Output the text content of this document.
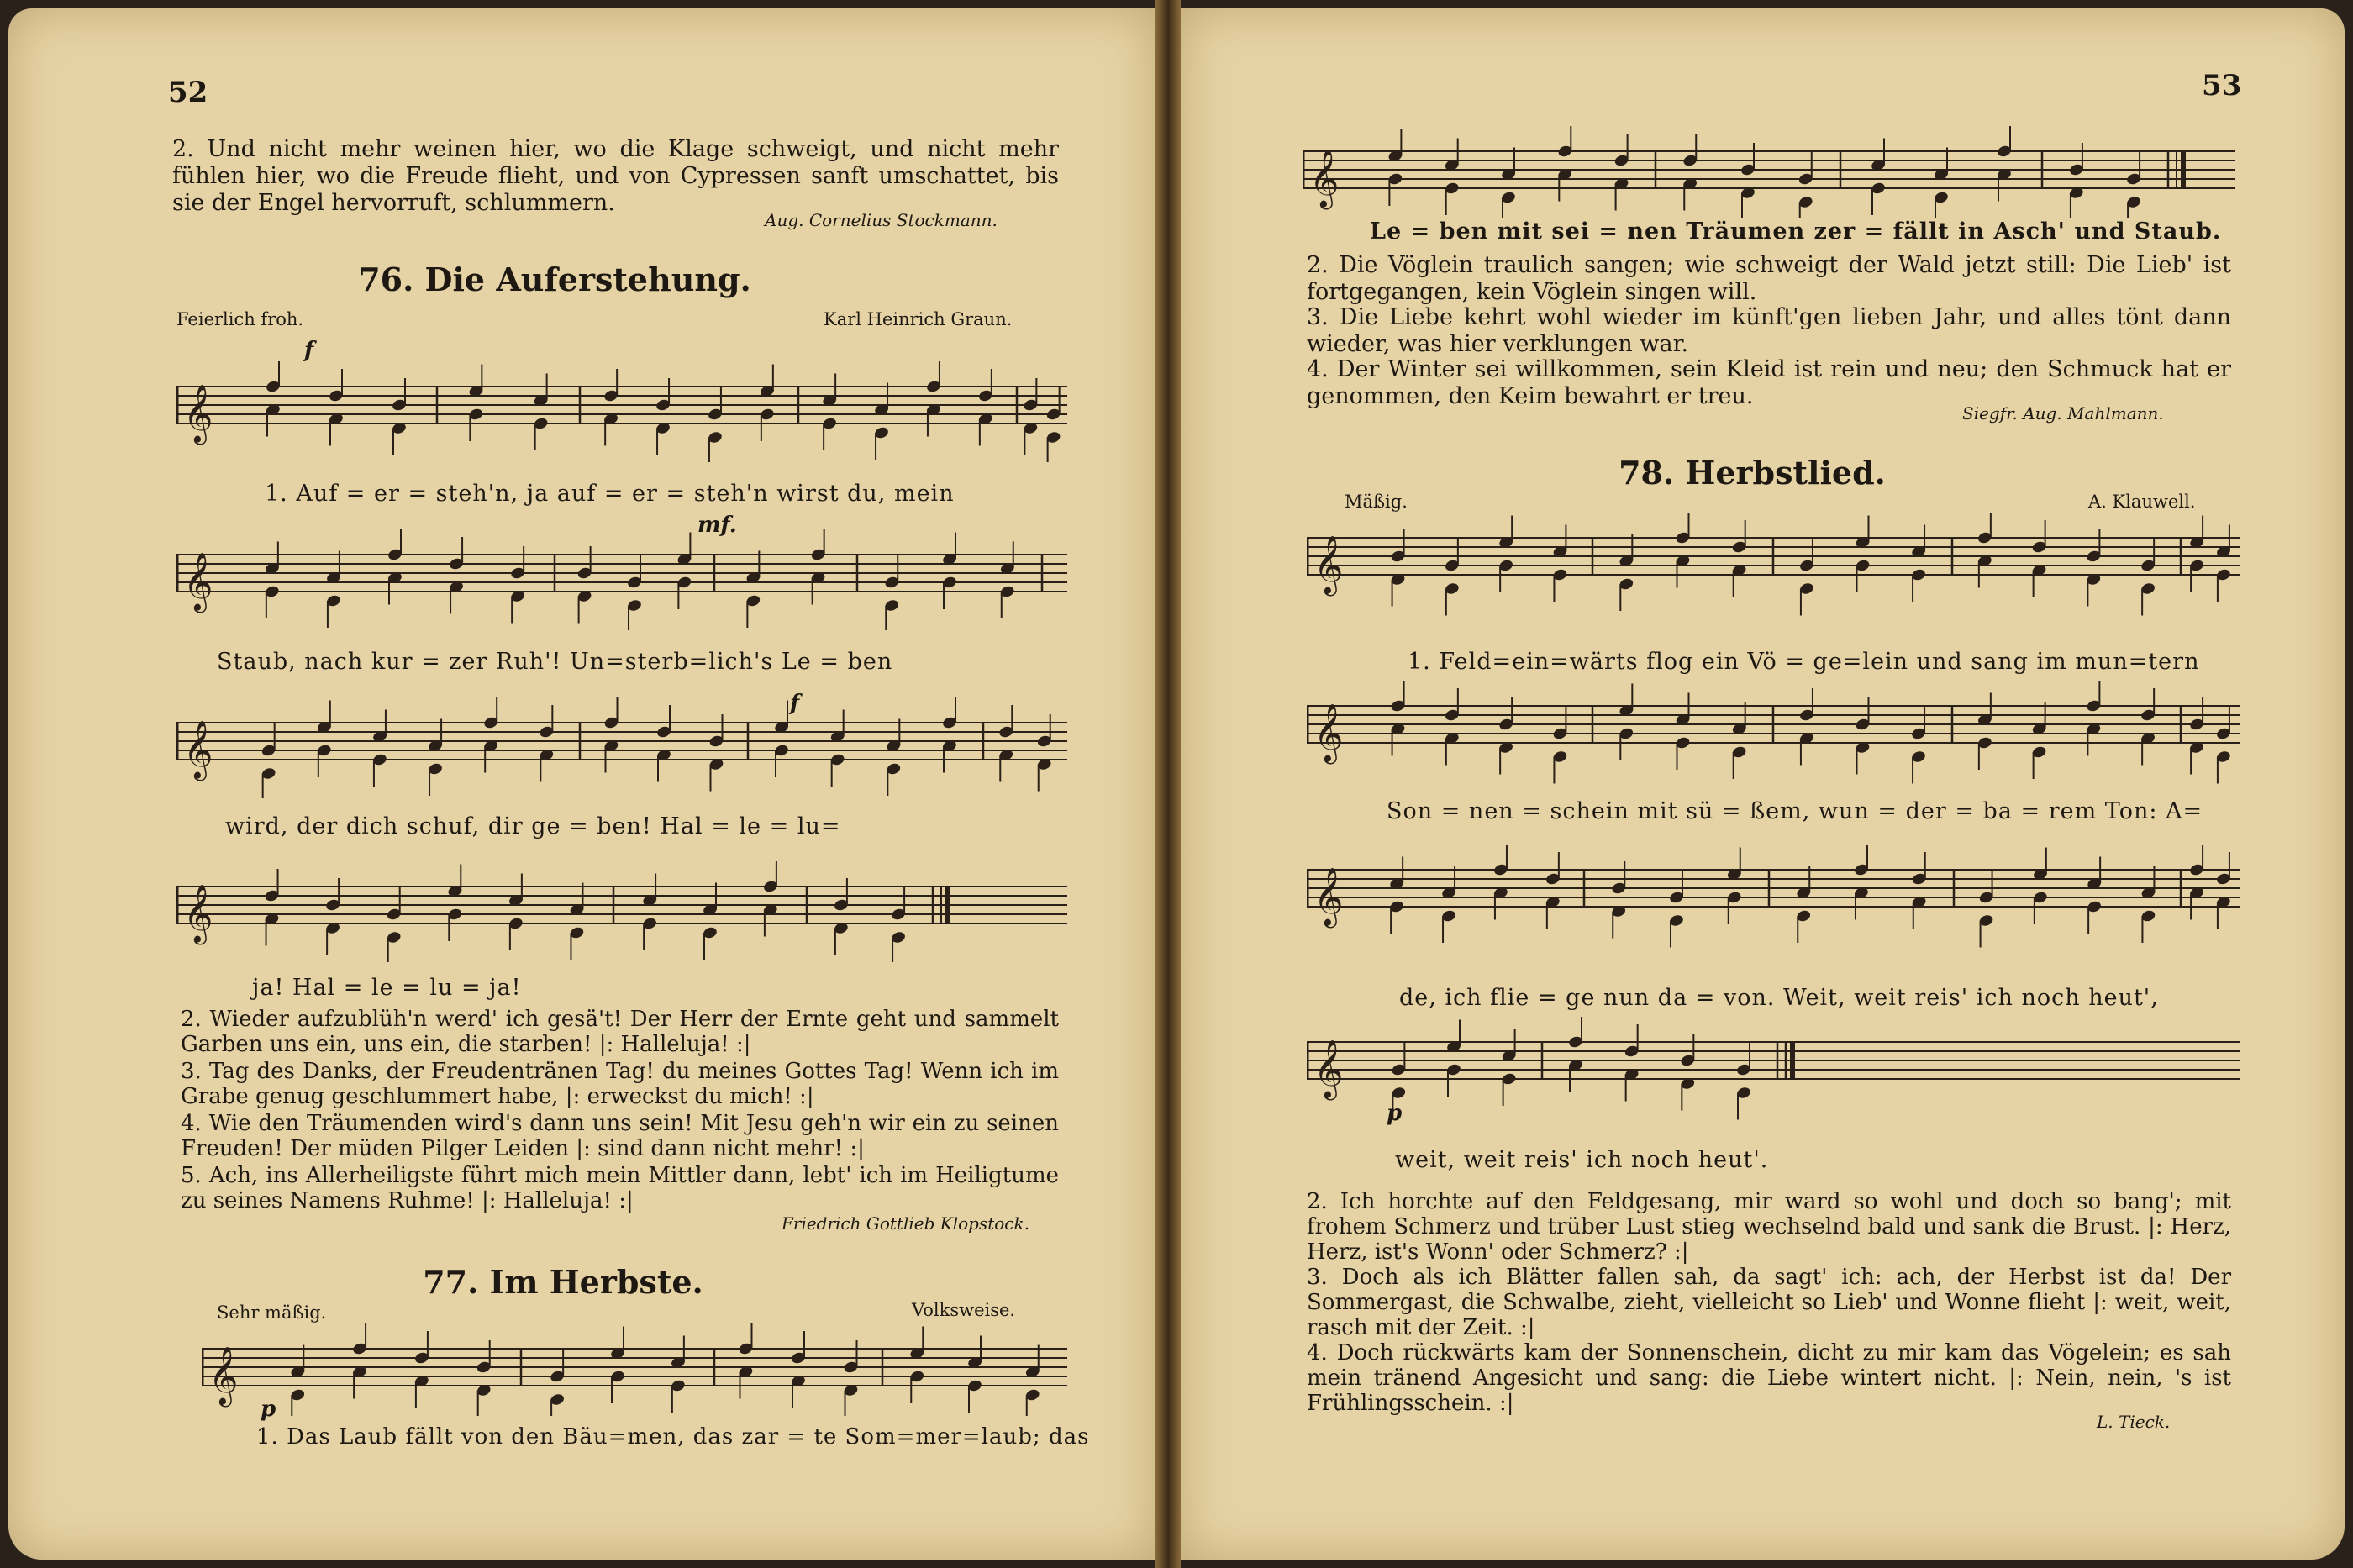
52
2. Und nicht mehr weinen hier, wo die Klage schweigt, und nicht mehr fühlen hier, wo die Freude flieht, und von Cypressen sanft umschattet, bis sie der Engel hervorruft, schlummern.
Aug. Cornelius Stockmann.
76. Die Auferstehung.
Feierlich froh.	Karl Heinrich Graun.
f
𝄞
1. Auf = er = steh'n, ja auf = er = steh'n wirst du, mein
mf.
𝄞
Staub, nach kur = zer Ruh'! Un=sterb=lich's Le = ben
f
𝄞
wird, der dich schuf, dir ge = ben! Hal = le = lu=
𝄞
ja! Hal = le = lu = ja!
2. Wieder aufzublüh'n werd' ich gesä't! Der Herr der Ernte geht und sammelt Garben uns ein, uns ein, die starben! |: Halleluja! :|
3. Tag des Danks, der Freudentränen Tag! du meines Gottes Tag! Wenn ich im Grabe genug geschlummert habe, |: erweckst du mich! :|
4. Wie den Träumenden wird's dann uns sein! Mit Jesu geh'n wir ein zu seinen Freuden! Der müden Pilger Leiden |: sind dann nicht mehr! :|
5. Ach, ins Allerheiligste führt mich mein Mittler dann, lebt' ich im Heiligtume zu seines Namens Ruhme! |: Halleluja! :|
Friedrich Gottlieb Klopstock.
77. Im Herbste.
Sehr mäßig.	Volksweise.
𝄞
p
1. Das Laub fällt von den Bäu=men, das zar = te Som=mer=laub; das
53
𝄞
Le = ben mit sei = nen Träumen zer = fällt in Asch' und Staub.
2. Die Vöglein traulich sangen; wie schweigt der Wald jetzt still: Die Lieb' ist fortgegangen, kein Vöglein singen will.
3. Die Liebe kehrt wohl wieder im künft'gen lieben Jahr, und alles tönt dann wieder, was hier verklungen war.
4. Der Winter sei willkommen, sein Kleid ist rein und neu; den Schmuck hat er genommen, den Keim bewahrt er treu.
Siegfr. Aug. Mahlmann.
78. Herbstlied.
Mäßig.	A. Klauwell.
𝄞
1. Feld=ein=wärts flog ein Vö = ge=lein und sang im mun=tern
𝄞
Son = nen = schein mit sü = ßem, wun = der = ba = rem Ton: A=
𝄞
de, ich flie = ge nun da = von. Weit, weit reis' ich noch heut',
𝄞
p
weit, weit reis' ich noch heut'.
2. Ich horchte auf den Feldgesang, mir ward so wohl und doch so bang'; mit frohem Schmerz und trüber Lust stieg wechselnd bald und sank die Brust. |: Herz, Herz, ist's Wonn' oder Schmerz? :|
3. Doch als ich Blätter fallen sah, da sagt' ich: ach, der Herbst ist da! Der Sommergast, die Schwalbe, zieht, vielleicht so Lieb' und Wonne flieht |: weit, weit, rasch mit der Zeit. :|
4. Doch rückwärts kam der Sonnenschein, dicht zu mir kam das Vögelein; es sah mein tränend Angesicht und sang: die Liebe wintert nicht. |: Nein, nein, 's ist Frühlingsschein. :|
L. Tieck.
